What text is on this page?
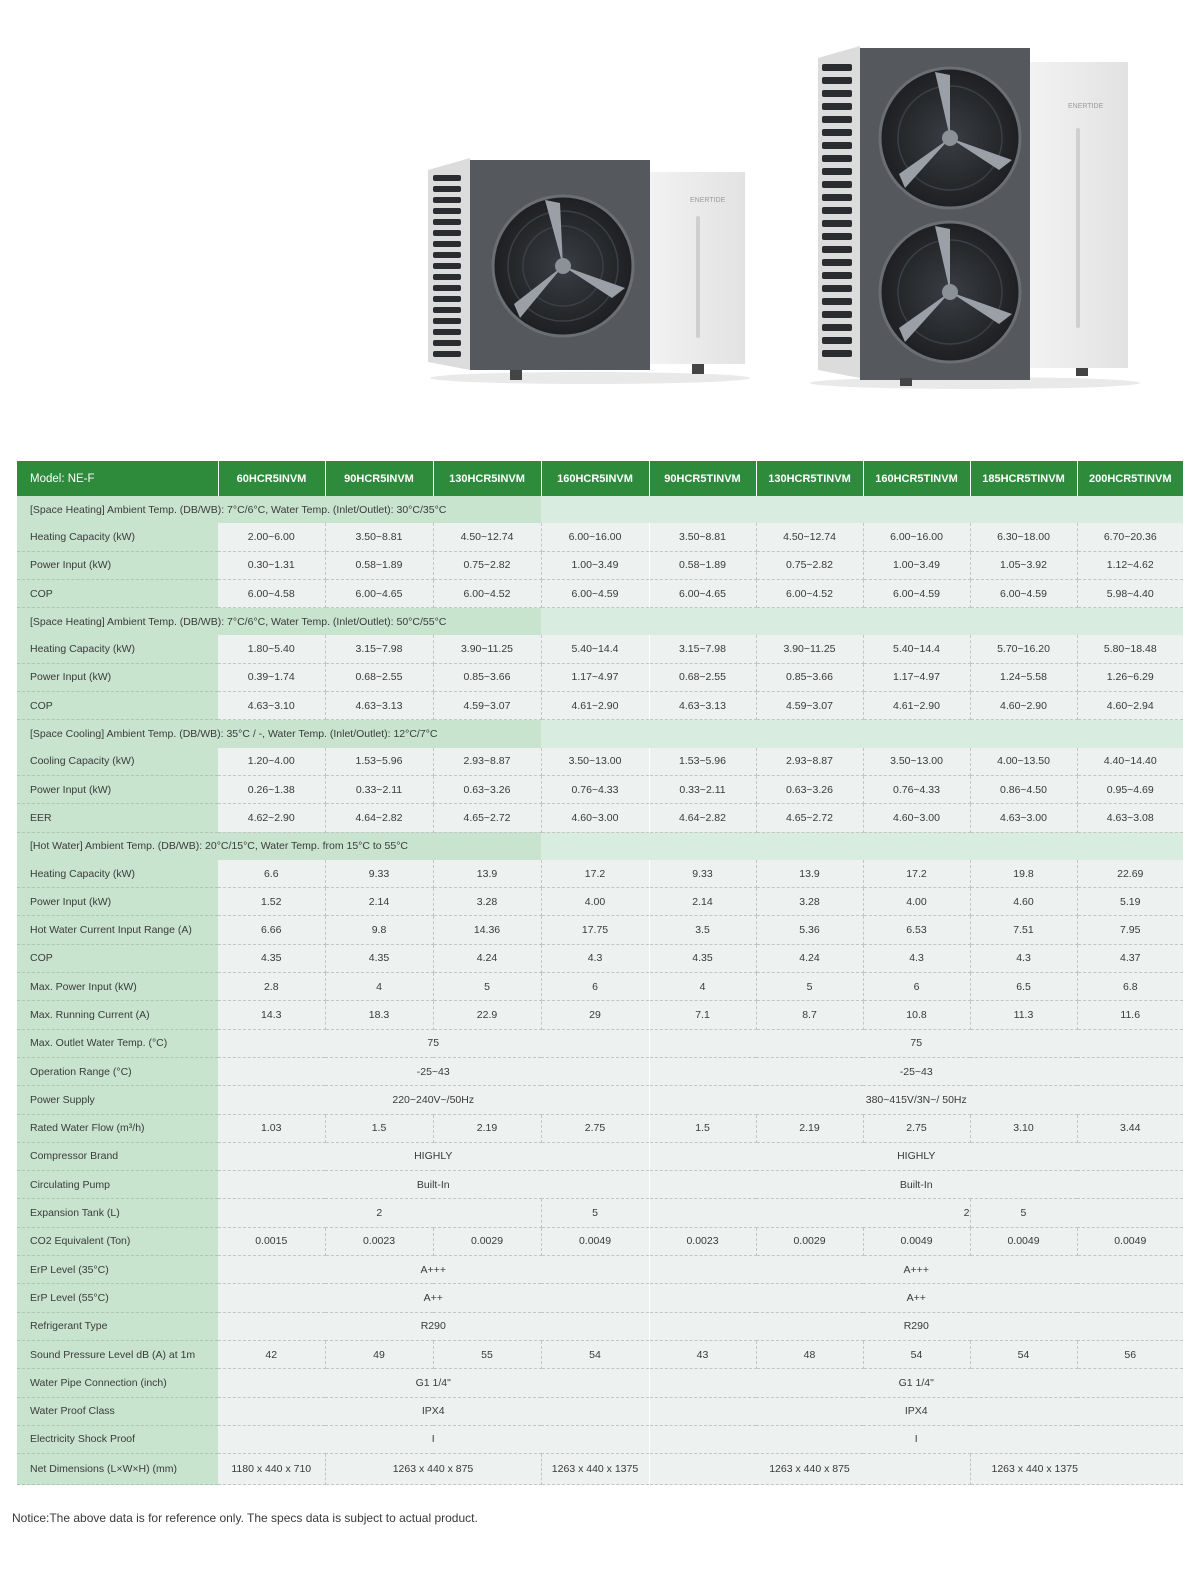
ENERTIDE
ENERTIDE
Model: NE-F	60HCR5INVM	90HCR5INVM	130HCR5INVM	160HCR5INVM	90HCR5TINVM	130HCR5TINVM	160HCR5TINVM	185HCR5TINVM	200HCR5TINVM
[Space Heating] Ambient Temp. (DB/WB): 7°C/6°C, Water Temp. (Inlet/Outlet): 30°C/35°C									
Heating Capacity (kW)	2.00~6.00	3.50~8.81	4.50~12.74	6.00~16.00	3.50~8.81	4.50~12.74	6.00~16.00	6.30~18.00	6.70~20.36
Power Input (kW)	0.30~1.31	0.58~1.89	0.75~2.82	1.00~3.49	0.58~1.89	0.75~2.82	1.00~3.49	1.05~3.92	1.12~4.62
COP	6.00~4.58	6.00~4.65	6.00~4.52	6.00~4.59	6.00~4.65	6.00~4.52	6.00~4.59	6.00~4.59	5.98~4.40
[Space Heating] Ambient Temp. (DB/WB): 7°C/6°C, Water Temp. (Inlet/Outlet): 50°C/55°C									
Heating Capacity (kW)	1.80~5.40	3.15~7.98	3.90~11.25	5.40~14.4	3.15~7.98	3.90~11.25	5.40~14.4	5.70~16.20	5.80~18.48
Power Input (kW)	0.39~1.74	0.68~2.55	0.85~3.66	1.17~4.97	0.68~2.55	0.85~3.66	1.17~4.97	1.24~5.58	1.26~6.29
COP	4.63~3.10	4.63~3.13	4.59~3.07	4.61~2.90	4.63~3.13	4.59~3.07	4.61~2.90	4.60~2.90	4.60~2.94
[Space Cooling] Ambient Temp. (DB/WB): 35°C / -, Water Temp. (Inlet/Outlet): 12°C/7°C									
Cooling Capacity (kW)	1.20~4.00	1.53~5.96	2.93~8.87	3.50~13.00	1.53~5.96	2.93~8.87	3.50~13.00	4.00~13.50	4.40~14.40
Power Input (kW)	0.26~1.38	0.33~2.11	0.63~3.26	0.76~4.33	0.33~2.11	0.63~3.26	0.76~4.33	0.86~4.50	0.95~4.69
EER	4.62~2.90	4.64~2.82	4.65~2.72	4.60~3.00	4.64~2.82	4.65~2.72	4.60~3.00	4.63~3.00	4.63~3.08
[Hot Water] Ambient Temp. (DB/WB): 20°C/15°C, Water Temp. from 15°C to 55°C									
Heating Capacity (kW)	6.6	9.33	13.9	17.2	9.33	13.9	17.2	19.8	22.69
Power Input (kW)	1.52	2.14	3.28	4.00	2.14	3.28	4.00	4.60	5.19
Hot Water Current Input Range (A)	6.66	9.8	14.36	17.75	3.5	5.36	6.53	7.51	7.95
COP	4.35	4.35	4.24	4.3	4.35	4.24	4.3	4.3	4.37
Max. Power Input (kW)	2.8	4	5	6	4	5	6	6.5	6.8
Max. Running Current (A)	14.3	18.3	22.9	29	7.1	8.7	10.8	11.3	11.6
Max. Outlet Water Temp. (°C)	75				75				
Operation Range (°C)	-25~43				-25~43				
Power Supply	220~240V~/50Hz				380~415V/3N~/ 50Hz				
Rated Water Flow (m³/h)	1.03	1.5	2.19	2.75	1.5	2.19	2.75	3.10	3.44
Compressor Brand	HIGHLY				HIGHLY				
Circulating Pump	Built-In				Built-In				
Expansion Tank (L)	2			5	2			5	
CO2 Equivalent (Ton)	0.0015	0.0023	0.0029	0.0049	0.0023	0.0029	0.0049	0.0049	0.0049
ErP Level (35°C)	A+++				A+++				
ErP Level (55°C)	A++				A++				
Refrigerant Type	R290				R290				
Sound Pressure Level dB (A) at 1m	42	49	55	54	43	48	54	54	56
Water Pipe Connection (inch)	G1 1/4"				G1 1/4"				
Water Proof Class	IPX4				IPX4				
Electricity Shock Proof	I				I				
Net Dimensions (L×W×H) (mm)	1180 x 440 x 710	1263 x 440 x 875		1263 x 440 x 1375	1263 x 440 x 875			1263 x 440 x 1375	
Notice:The above data is for reference only. The specs data is subject to actual product.
